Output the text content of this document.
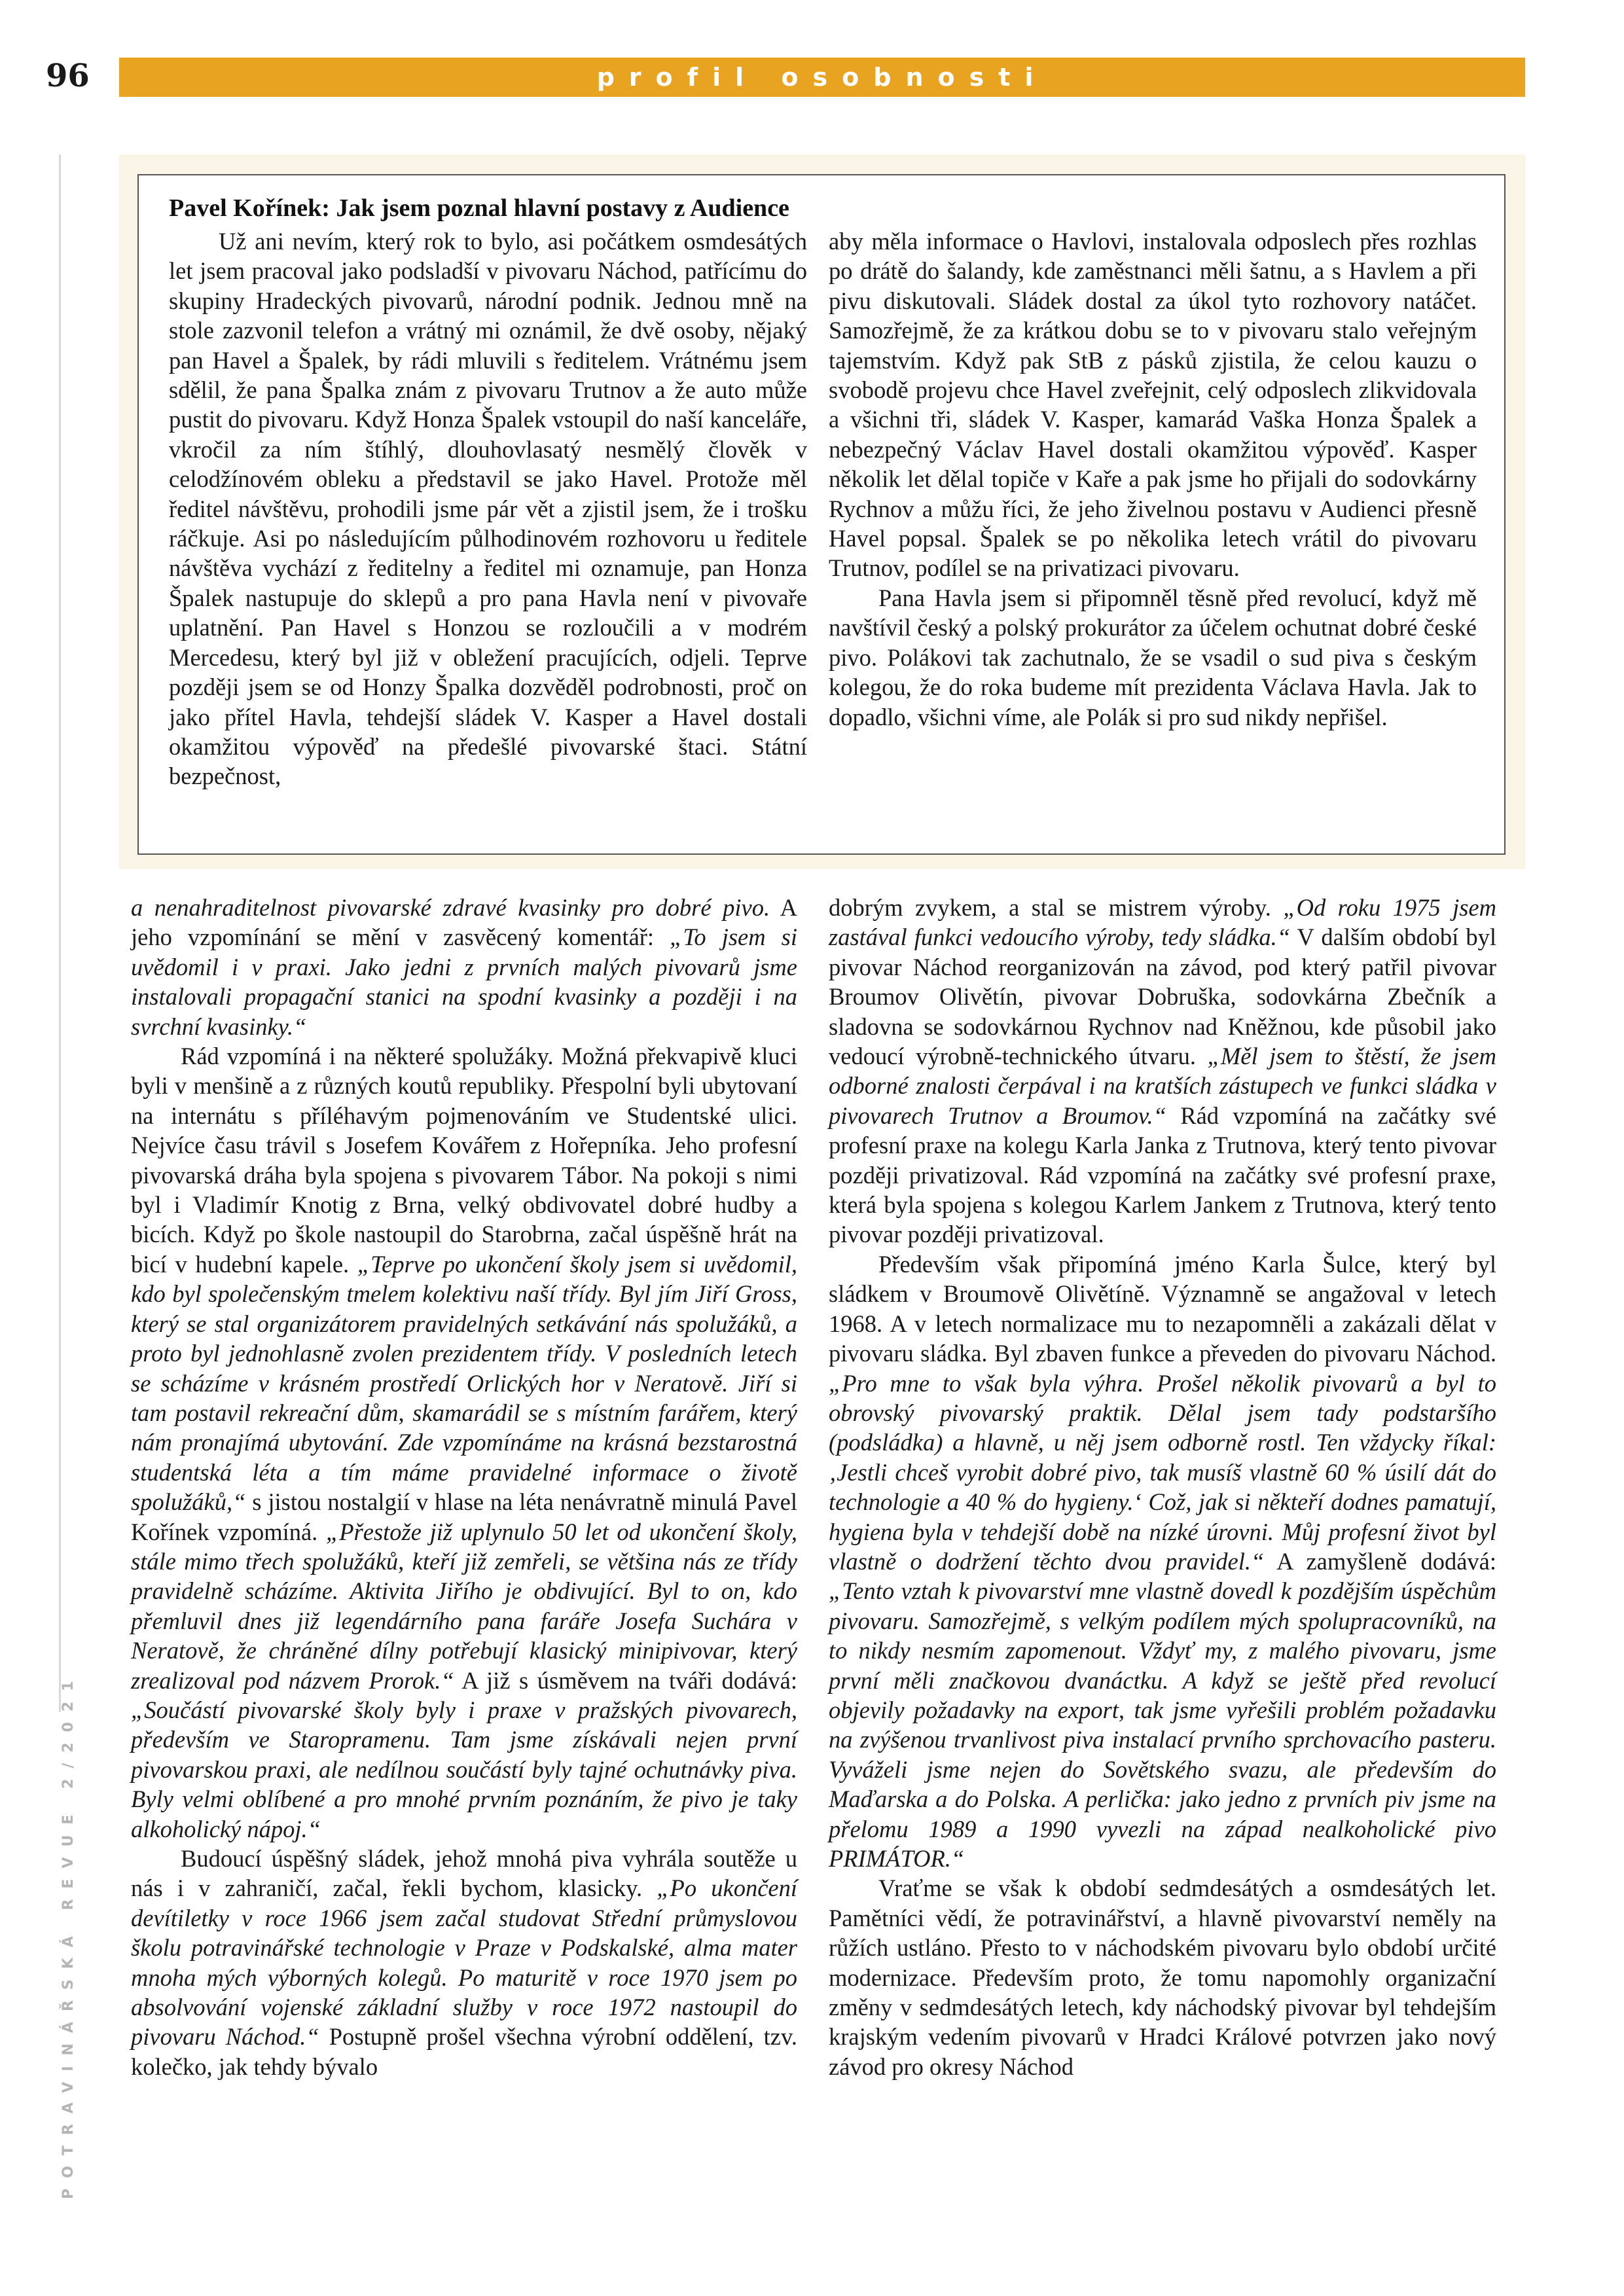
96	profil osobnosti
POTRAVINÁŘSKÁ REVUE 2/2021
Pavel Kořínek: Jak jsem poznal hlavní postavy z Audience

Už ani nevím, který rok to bylo, asi počátkem osmdesátých let jsem pracoval jako podsladší v pivovaru Náchod, patřícímu do skupiny Hradeckých pivovarů, národní podnik. Jednou mně na stole zazvonil telefon a vrátný mi oznámil, že dvě osoby, nějaký pan Havel a Špalek, by rádi mluvili s ředitelem. Vrátnému jsem sdělil, že pana Špalka znám z pivovaru Trutnov a že auto může pustit do pivovaru. Když Honza Špalek vstoupil do naší kanceláře, vkročil za ním štíhlý, dlouhovlasatý nesmělý člověk v celodžínovém obleku a představil se jako Havel. Protože měl ředitel návštěvu, prohodili jsme pár vět a zjistil jsem, že i trošku ráčkuje. Asi po následujícím půlhodinovém rozhovoru u ředitele návštěva vychází z ředitelny a ředitel mi oznamuje, pan Honza Špalek nastupuje do sklepů a pro pana Havla není v pivovaře uplatnění. Pan Havel s Honzou se rozloučili a v modrém Mercedesu, který byl již v obležení pracujících, odjeli. Teprve později jsem se od Honzy Špalka dozvěděl podrobnosti, proč on jako přítel Havla, tehdejší sládek V. Kasper a Havel dostali okamžitou výpověď na předešlé pivovarské štaci. Státní bezpečnost,

aby měla informace o Havlovi, instalovala odposlech přes rozhlas po drátě do šalandy, kde zaměstnanci měli šatnu, a s Havlem a při pivu diskutovali. Sládek dostal za úkol tyto rozhovory natáčet. Samozřejmě, že za krátkou dobu se to v pivovaru stalo veřejným tajemstvím. Když pak StB z pásků zjistila, že celou kauzu o svobodě projevu chce Havel zveřejnit, celý odposlech zlikvidovala a všichni tři, sládek V. Kasper, kamarád Vaška Honza Špalek a nebezpečný Václav Havel dostali okamžitou výpověď. Kasper několik let dělal topiče v Kaře a pak jsme ho přijali do sodovkárny Rychnov a můžu říci, že jeho živelnou postavu v Audienci přesně Havel popsal. Špalek se po několika letech vrátil do pivovaru Trutnov, podílel se na privatizaci pivovaru.

Pana Havla jsem si připomněl těsně před revolucí, když mě navštívil český a polský prokurátor za účelem ochutnat dobré české pivo. Polákovi tak zachutnalo, že se vsadil o sud piva s českým kolegou, že do roka budeme mít prezidenta Václava Havla. Jak to dopadlo, všichni víme, ale Polák si pro sud nikdy nepřišel.

a nenahraditelnost pivovarské zdravé kvasinky pro dobré pivo. A jeho vzpomínání se mění v zasvěcený komentář: „To jsem si uvědomil i v praxi. Jako jedni z prvních malých pivovarů jsme instalovali propagační stanici na spodní kvasinky a později i na svrchní kvasinky.“

Rád vzpomíná i na některé spolužáky. Možná překvapivě kluci byli v menšině a z různých koutů republiky. Přespolní byli ubytovaní na internátu s příléhavým pojmenováním ve Studentské ulici. Nejvíce času trávil s Josefem Kovářem z Hořepníka. Jeho profesní pivovarská dráha byla spojena s pivovarem Tábor. Na pokoji s nimi byl i Vladimír Knotig z Brna, velký obdivovatel dobré hudby a bicích. Když po škole nastoupil do Starobrna, začal úspěšně hrát na bicí v hudební kapele. „Teprve po ukončení školy jsem si uvědomil, kdo byl společenským tmelem kolektivu naší třídy. Byl jím Jiří Gross, který se stal organizátorem pravidelných setkávání nás spolužáků, a proto byl jednohlasně zvolen prezidentem třídy. V posledních letech se scházíme v krásném prostředí Orlických hor v Neratově. Jiří si tam postavil rekreační dům, skamarádil se s místním farářem, který nám pronajímá ubytování. Zde vzpomínáme na krásná bezstarostná studentská léta a tím máme pravidelné informace o životě spolužáků,“ s jistou nostalgií v hlase na léta nenávratně minulá Pavel Kořínek vzpomíná. „Přestože již uplynulo 50 let od ukončení školy, stále mimo třech spolužáků, kteří již zemřeli, se většina nás ze třídy pravidelně scházíme. Aktivita Jiřího je obdivující. Byl to on, kdo přemluvil dnes již legendárního pana faráře Josefa Suchára v Neratově, že chráněné dílny potřebují klasický minipivovar, který zrealizoval pod názvem Prorok.“ A již s úsměvem na tváři dodává: „Součástí pivovarské školy byly i praxe v pražských pivovarech, především ve Staropramenu. Tam jsme získávali nejen první pivovarskou praxi, ale nedílnou součástí byly tajné ochutnávky piva. Byly velmi oblíbené a pro mnohé prvním poznáním, že pivo je taky alkoholický nápoj.“

Budoucí úspěšný sládek, jehož mnohá piva vyhrála soutěže u nás i v zahraničí, začal, řekli bychom, klasicky. „Po ukončení devítiletky v roce 1966 jsem začal studovat Střední průmyslovou školu potravinářské technologie v Praze v Podskalské, alma mater mnoha mých výborných kolegů. Po maturitě v roce 1970 jsem po absolvování vojenské základní služby v roce 1972 nastoupil do pivovaru Náchod.“ Postupně prošel všechna výrobní oddělení, tzv. kolečko, jak tehdy bývalo

dobrým zvykem, a stal se mistrem výroby. „Od roku 1975 jsem zastával funkci vedoucího výroby, tedy sládka.“ V dalším období byl pivovar Náchod reorganizován na závod, pod který patřil pivovar Broumov Olivětín, pivovar Dobruška, sodovkárna Zbečník a sladovna se sodovkárnou Rychnov nad Kněžnou, kde působil jako vedoucí výrobně-technického útvaru. „Měl jsem to štěstí, že jsem odborné znalosti čerpával i na kratších zástupech ve funkci sládka v pivovarech Trutnov a Broumov.“ Rád vzpomíná na začátky své profesní praxe na kolegu Karla Janka z Trutnova, který tento pivovar později privatizoval. Rád vzpomíná na začátky své profesní praxe, která byla spojena s kolegou Karlem Jankem z Trutnova, který tento pivovar později privatizoval.

Především však připomíná jméno Karla Šulce, který byl sládkem v Broumově Olivětíně. Významně se angažoval v letech 1968. A v letech normalizace mu to nezapomněli a zakázali dělat v pivovaru sládka. Byl zbaven funkce a převeden do pivovaru Náchod. „Pro mne to však byla výhra. Prošel několik pivovarů a byl to obrovský pivovarský praktik. Dělal jsem tady podstaršího (podsládka) a hlavně, u něj jsem odborně rostl. Ten vždycky říkal: ‚Jestli chceš vyrobit dobré pivo, tak musíš vlastně 60 % úsilí dát do technologie a 40 % do hygieny.‘ Což, jak si někteří dodnes pamatují, hygiena byla v tehdejší době na nízké úrovni. Můj profesní život byl vlastně o dodržení těchto dvou pravidel.“ A zamyšleně dodává: „Tento vztah k pivovarství mne vlastně dovedl k pozdějším úspěchům pivovaru. Samozřejmě, s velkým podílem mých spolupracovníků, na to nikdy nesmím zapomenout. Vždyť my, z malého pivovaru, jsme první měli značkovou dvanáctku. A když se ještě před revolucí objevily požadavky na export, tak jsme vyřešili problém požadavku na zvýšenou trvanlivost piva instalací prvního sprchovacího pasteru. Vyváželi jsme nejen do Sovětského svazu, ale především do Maďarska a do Polska. A perlička: jako jedno z prvních piv jsme na přelomu 1989 a 1990 vyvezli na západ nealkoholické pivo PRIMÁTOR.“

Vraťme se však k období sedmdesátých a osmdesátých let. Pamětníci vědí, že potravinářství, a hlavně pivovarství neměly na růžích ustláno. Přesto to v náchodském pivovaru bylo období určité modernizace. Především proto, že tomu napomohly organizační změny v sedmdesátých letech, kdy náchodský pivovar byl tehdejším krajským vedením pivovarů v Hradci Králové potvrzen jako nový závod pro okresy Náchod
